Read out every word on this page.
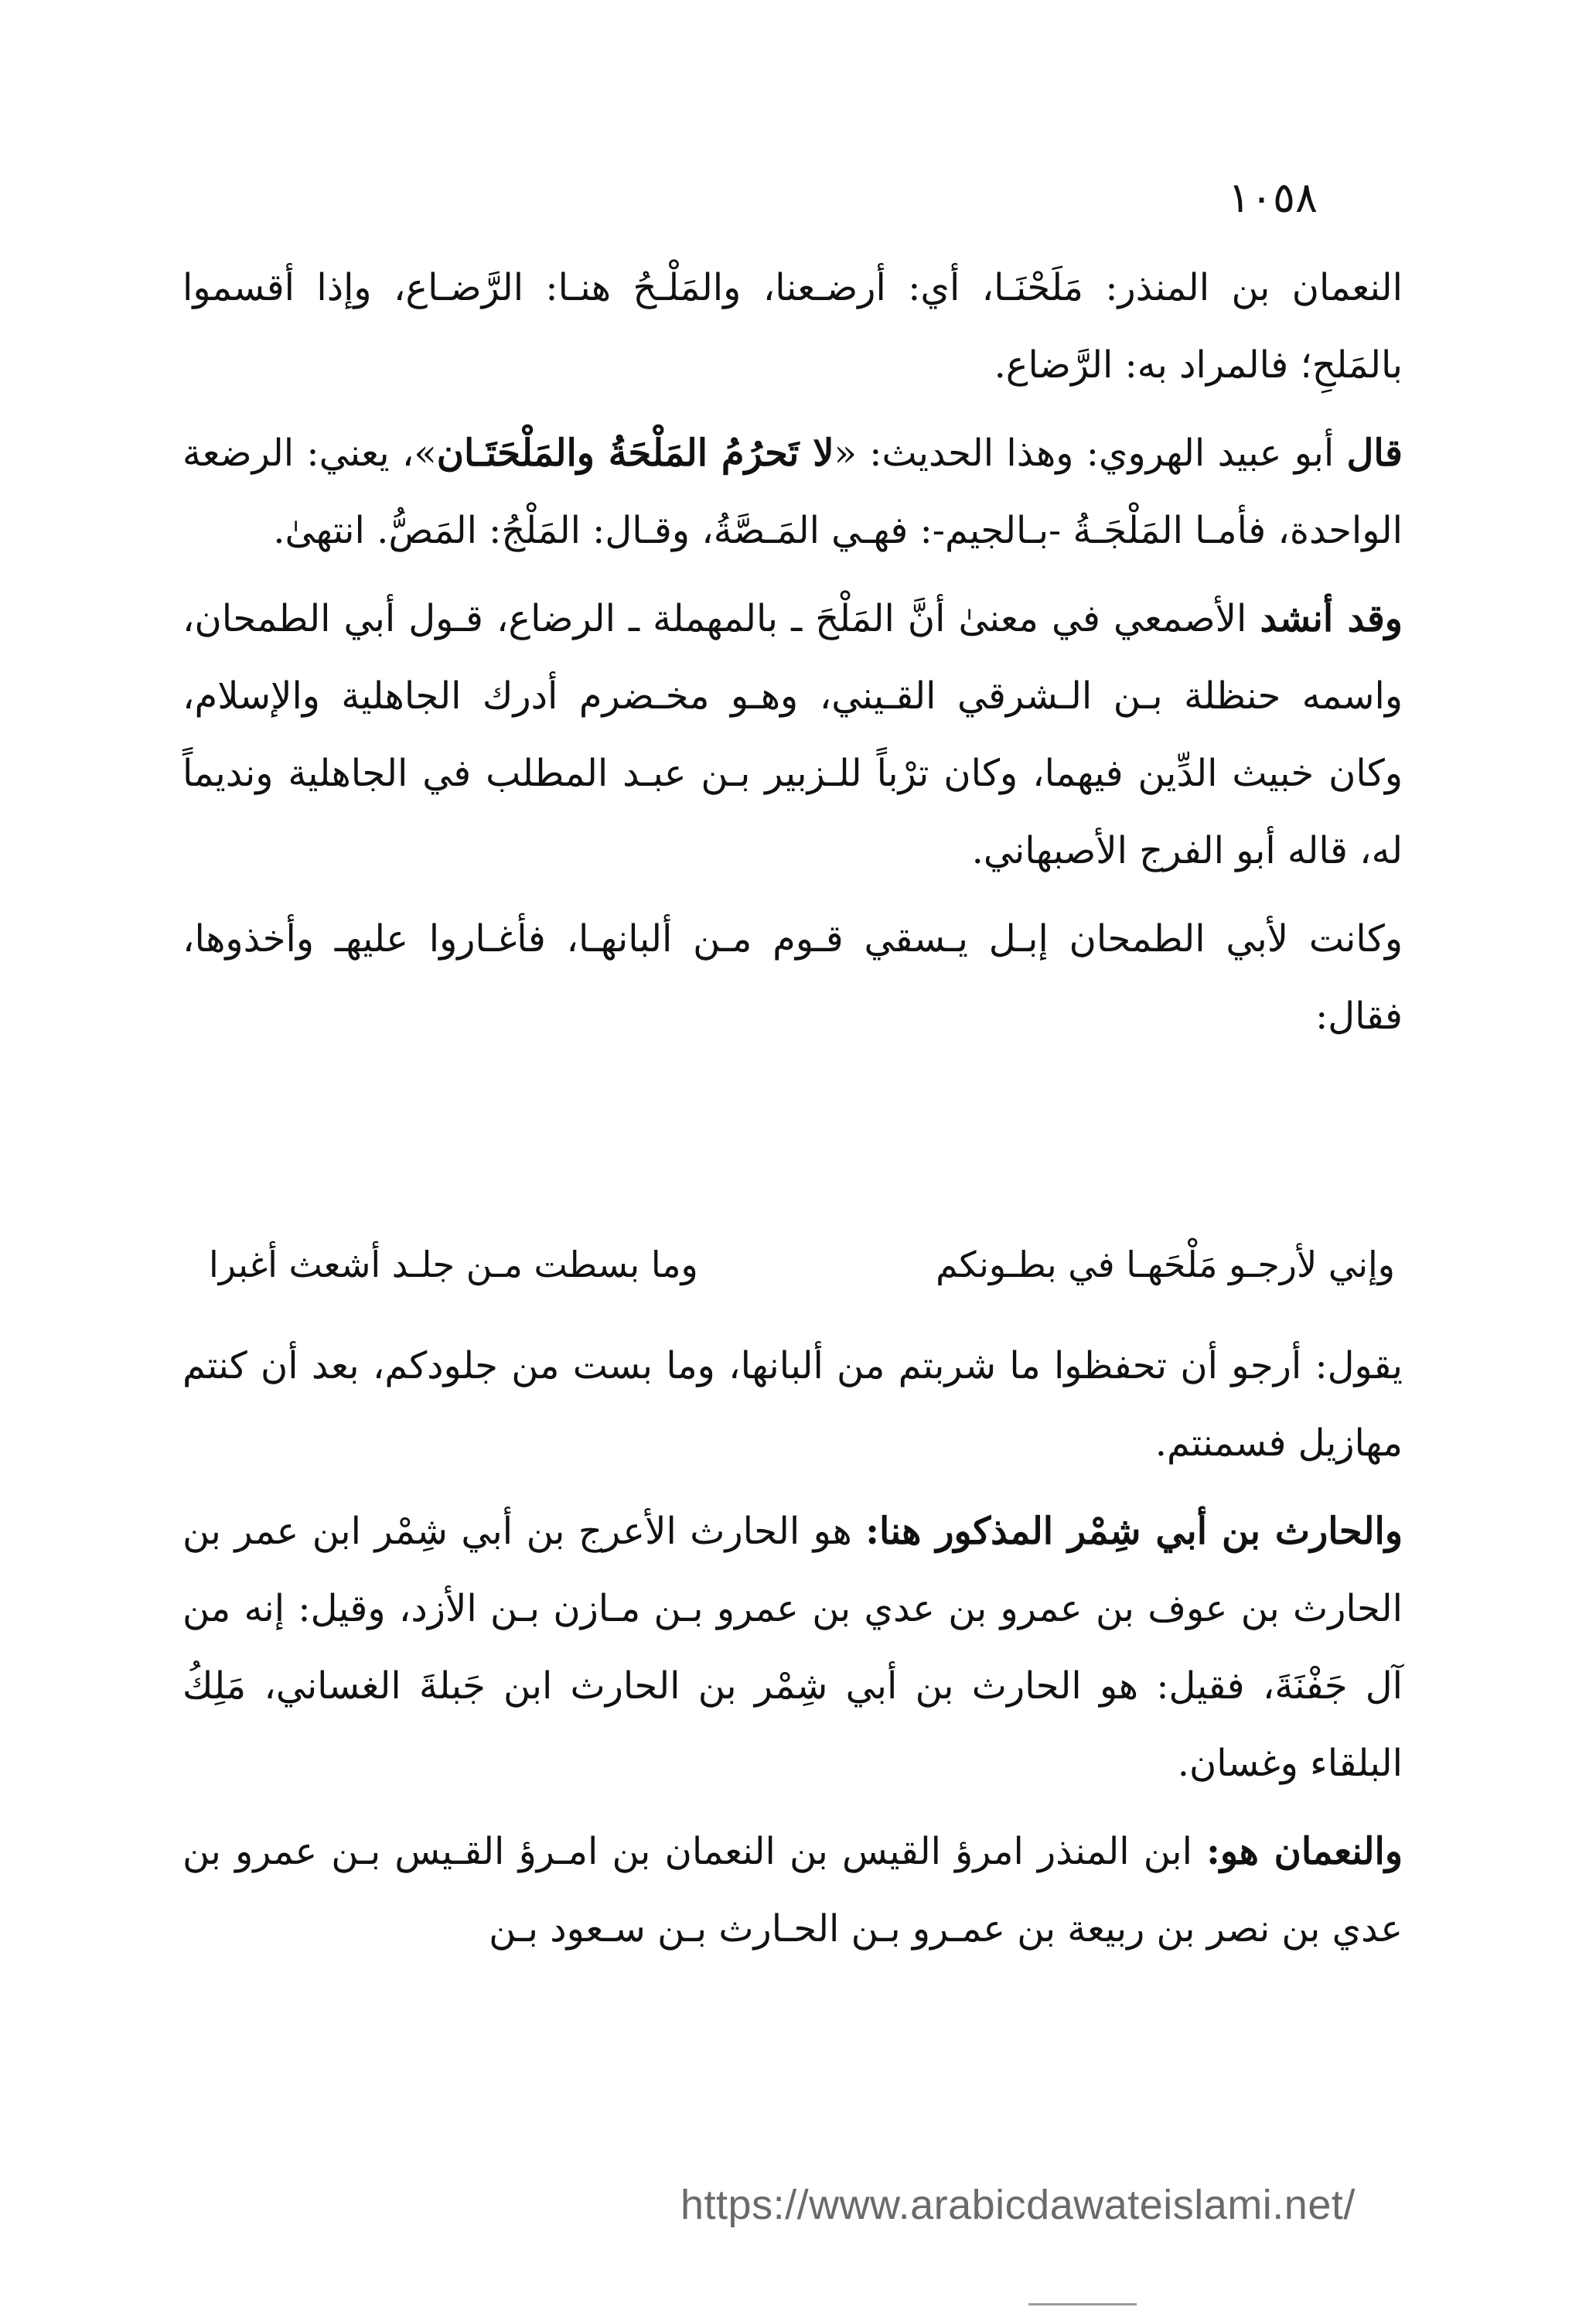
١٠٥٨

النعمان بن المنذر: مَلَحْنَـا، أي: أرضـعنا، والمَلْـحُ هنـا: الرَّضـاع، وإذا أقسموا بالمَلحِ؛ فالمراد به: الرَّضاع.

قال أبو عبيد الهروي: وهذا الحديث: «لا تَحرُمُ المَلْحَةُ والمَلْحَتَـان»، يعني: الرضعة الواحدة، فأمـا المَلْجَـةُ -بـالجيم-: فهـي المَـصَّةُ، وقـال: المَلْجُ: المَصُّ. انتهىٰ.

وقد أنشد الأصمعي في معنىٰ أنَّ المَلْحَ ـ بالمهملة ـ الرضاع، قـول أبي الطمحان، واسمه حنظلة بـن الـشرقي القـيني، وهـو مخـضرم أدرك الجاهلية والإسلام، وكان خبيث الدِّين فيهما، وكان ترْباً للـزبير بـن عبـد المطلب في الجاهلية ونديماً له، قاله أبو الفرج الأصبهاني.

وكانت لأبي الطمحان إبـل يـسقي قـوم مـن ألبانهـا، فأغـاروا عليهـ وأخذوها، فقال:

وإني لأرجـو مَلْحَهـا في بطـونكم
وما بسطت مـن جلـد أشعث أغبرا

يقول: أرجو أن تحفظوا ما شربتم من ألبانها، وما بست من جلودكم، بعد أن كنتم مهازيل فسمنتم.

والحارث بن أبي شِمْر المذكور هنا: هو الحارث الأعرج بن أبي شِمْر ابن عمر بن الحارث بن عوف بن عمرو بن عدي بن عمرو بـن مـازن بـن الأزد، وقيل: إنه من آل جَفْنَةَ، فقيل: هو الحارث بن أبي شِمْر بن الحارث ابن جَبلةَ الغساني، مَلِكُ البلقاء وغسان.

والنعمان هو: ابن المنذر امرؤ القيس بن النعمان بن امـرؤ القـيس بـن عمرو بن عدي بن نصر بن ربيعة بن عمـرو بـن الحـارث بـن سـعود بـن

https://www.arabicdawateislami.net/
